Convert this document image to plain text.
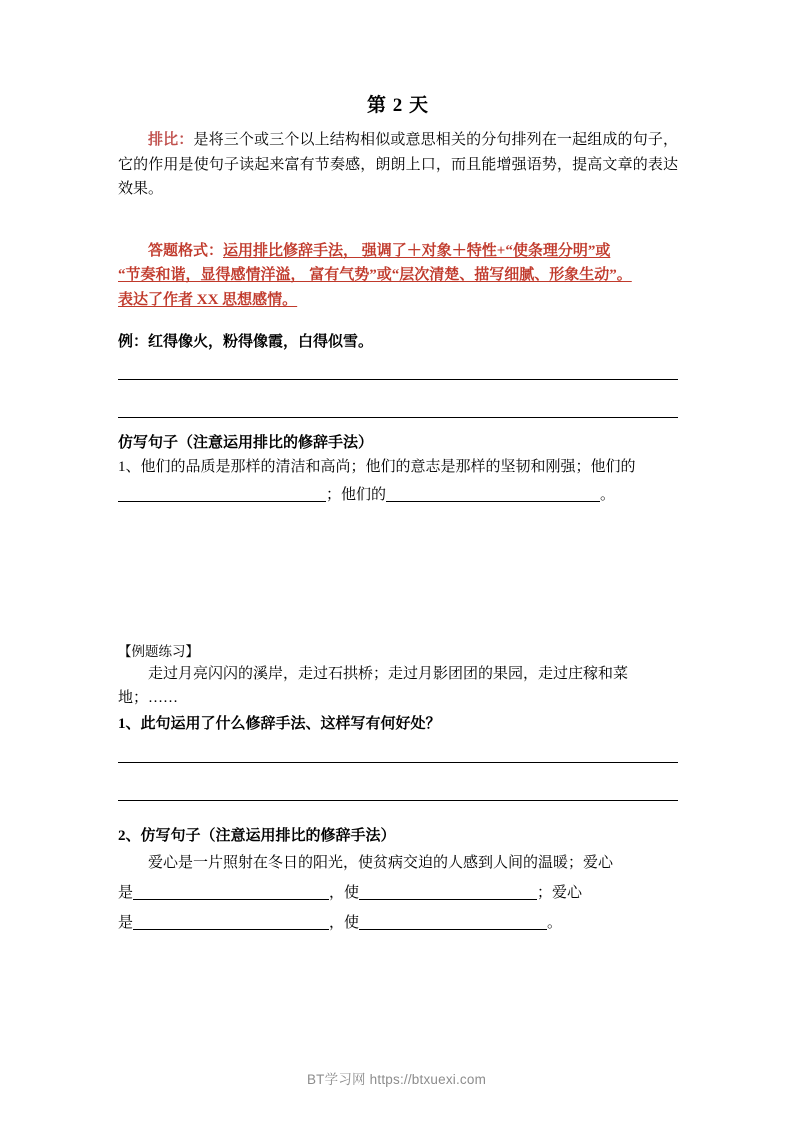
第 2 天

排比：是将三个或三个以上结构相似或意思相关的分句排列在一起组成的句子，它的作用是使句子读起来富有节奏感，朗朗上口，而且能增强语势，提高文章的表达效果。

答题格式：运用排比修辞手法， 强调了＋对象＋特性+“使条理分明”或
“节奏和谐，显得感情洋溢， 富有气势”或“层次清楚、描写细腻、形象生动”。
表达了作者 XX 思想感情。
例：红得像火，粉得像霞，白得似雪。
仿写句子（注意运用排比的修辞手法）

1、他们的品质是那样的清洁和高尚；他们的意志是那样的坚韧和刚强；他们的

；他们的	。

【例题练习】

走过月亮闪闪的溪岸，走过石拱桥；走过月影团团的果园，走过庄稼和菜

地；……

1、此句运用了什么修辞手法、这样写有何好处？
2、仿写句子（注意运用排比的修辞手法）

爱心是一片照射在冬日的阳光，使贫病交迫的人感到人间的温暖；爱心

是	，使	；爱心

是	，使	。

BT学习网 https://btxuexi.com
